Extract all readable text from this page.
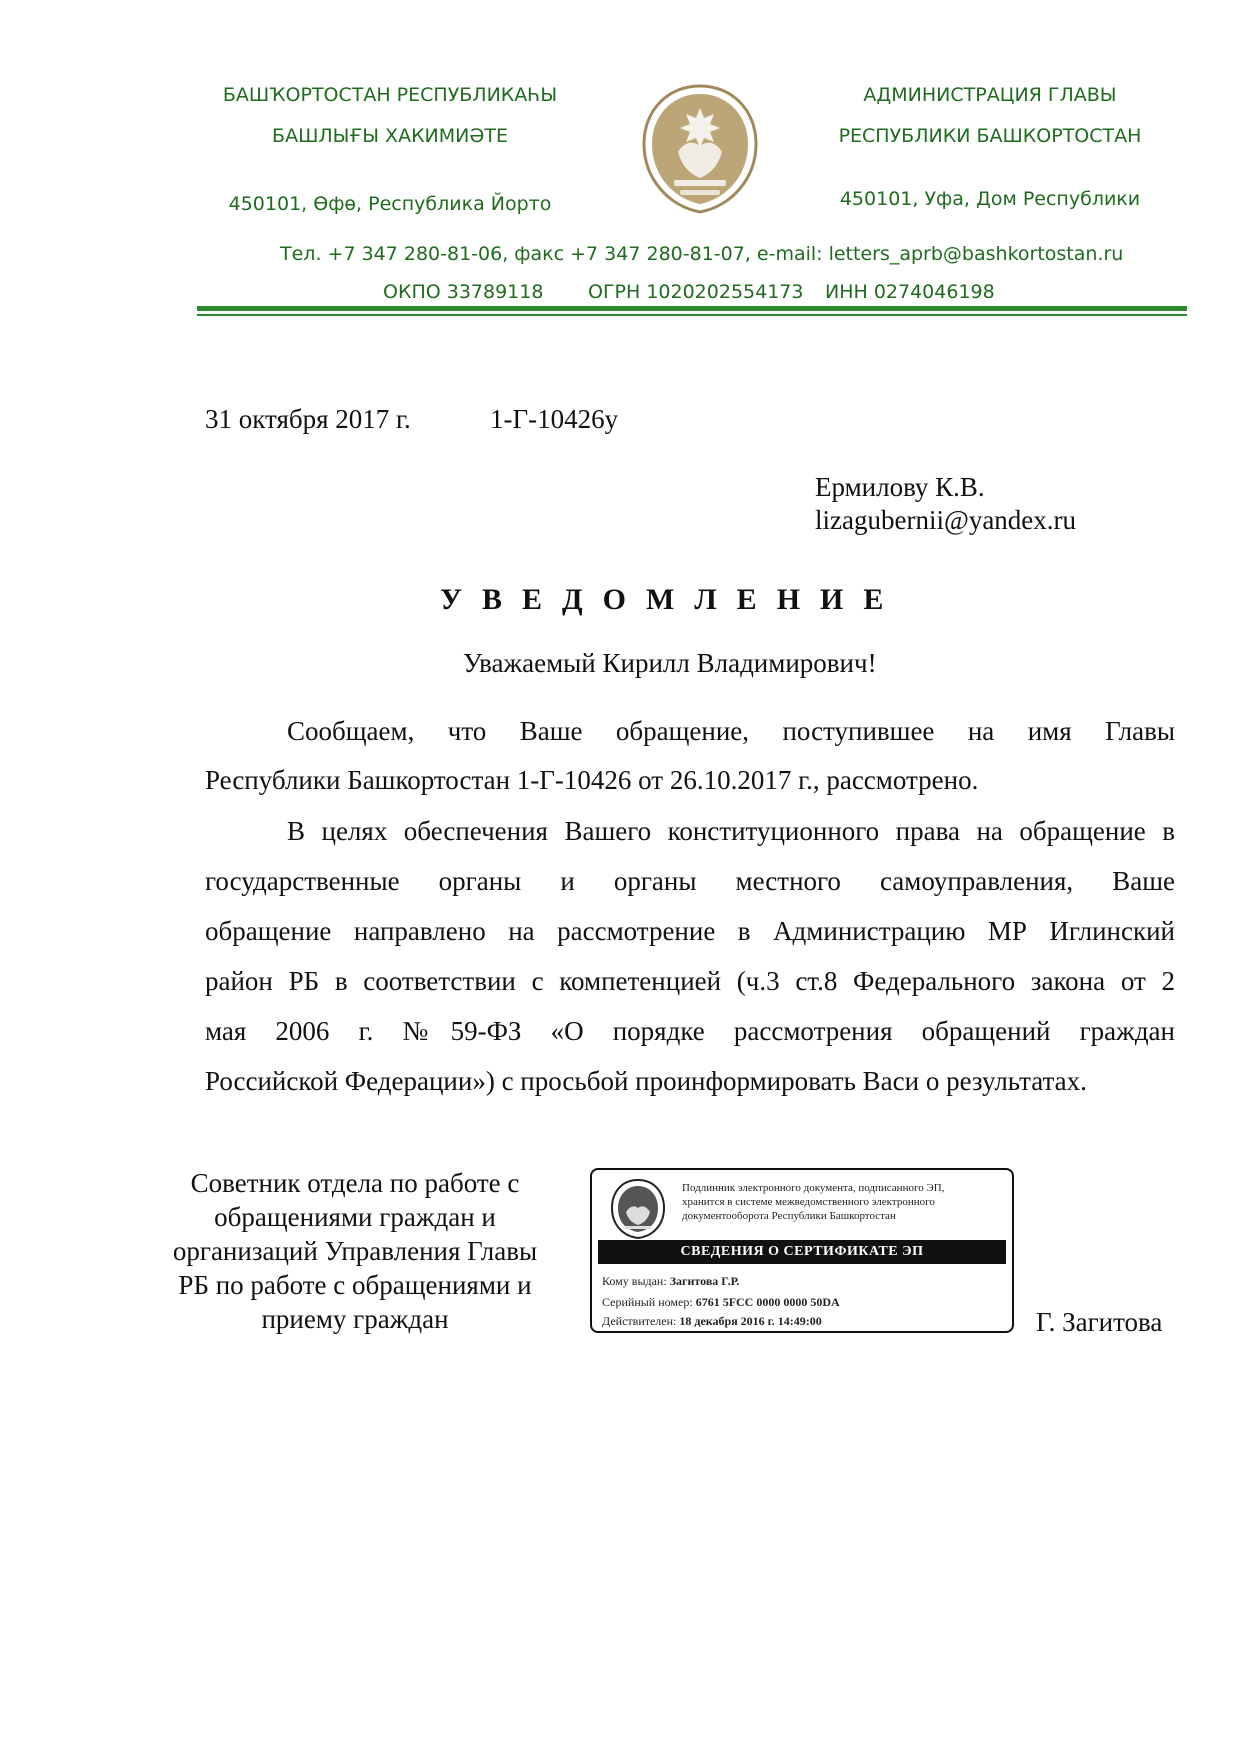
БАШҠОРТОСТАН РЕСПУБЛИКАҺЫ
БАШЛЫҒЫ ХАКИМИӘТЕ
450101, Өфө, Республика Йорто
АДМИНИСТРАЦИЯ ГЛАВЫ
РЕСПУБЛИКИ БАШКОРТОСТАН
450101, Уфа, Дом Республики
Тел. +7 347 280-81-06, факс +7 347 280-81-07, e-mail: letters_aprb@bashkortostan.ru
ОКПО 33789118 ОГРН 1020202554173 ИНН 0274046198
31 октября 2017 г.	1-Г-10426у
Ермилову К.В.
lizagubernii@yandex.ru
УВЕДОМЛЕНИЕ
Уважаемый Кирилл Владимирович!
Сообщаем, что Ваше обращение, поступившее на имя Главы
Республики Башкортостан 1-Г-10426 от 26.10.2017 г., рассмотрено.
В целях обеспечения Вашего конституционного права на обращение в
государственные органы и органы местного самоуправления, Ваше
обращение направлено на рассмотрение в Администрацию МР Иглинский
район РБ в соответствии с компетенцией (ч.3 ст.8 Федерального закона от 2
мая 2006 г. №59-ФЗ «О порядке рассмотрения обращений граждан
Российской Федерации») с просьбой проинформировать Васи о результатах.
Советник отдела по работе с
обращениями граждан и
организаций Управления Главы
РБ по работе с обращениями и
приему граждан
Подлинник электронного документа, подписанного ЭП,
хранится в системе межведомственного электронного
документооборота Республики Башкортостан
СВЕДЕНИЯ О СЕРТИФИКАТЕ ЭП
Кому выдан: Загитова Г.Р.
Серийный номер: 6761 5FCC 0000 0000 50DA
Действителен: 18 декабря 2016 г. 14:49:00	Г. Загитова
